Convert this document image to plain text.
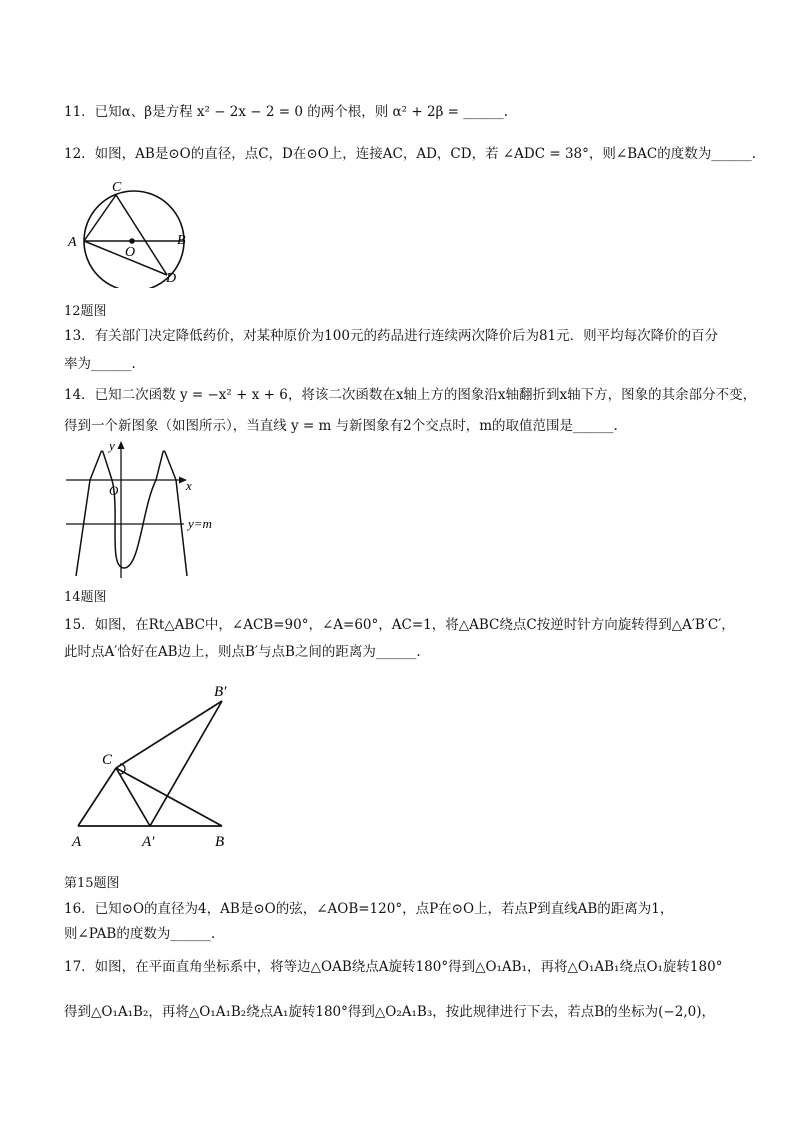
11．已知α、β是方程 x² − 2x − 2 = 0 的两个根，则 α² + 2β = ______.
12．如图，AB是⊙O的直径，点C，D在⊙O上，连接AC，AD，CD，若 ∠ADC = 38°，则∠BAC的度数为______.
C
A	B
O
D
12题图
13．有关部门决定降低药价，对某种原价为100元的药品进行连续两次降价后为81元．则平均每次降价的百分
率为______.
14．已知二次函数 y = −x² + x + 6，将该二次函数在x轴上方的图象沿x轴翻折到x轴下方，图象的其余部分不变，
得到一个新图象（如图所示），当直线 y = m 与新图象有2个交点时，m的取值范围是______.
y
x
O
y=m
14题图
15．如图，在Rt△ABC中，∠ACB=90°，∠A=60°，AC=1，将△ABC绕点C按逆时针方向旋转得到△A′B′C′，
此时点A′恰好在AB边上，则点B′与点B之间的距离为______.
B′
C
A	A′	B
第15题图
16．已知⊙O的直径为4，AB是⊙O的弦，∠AOB=120°，点P在⊙O上，若点P到直线AB的距离为1，
则∠PAB的度数为______.
17．如图，在平面直角坐标系中，将等边△OAB绕点A旋转180°得到△O₁AB₁，再将△O₁AB₁绕点O₁旋转180°
得到△O₁A₁B₂，再将△O₁A₁B₂绕点A₁旋转180°得到△O₂A₁B₃，按此规律进行下去，若点B的坐标为(−2,0)，
